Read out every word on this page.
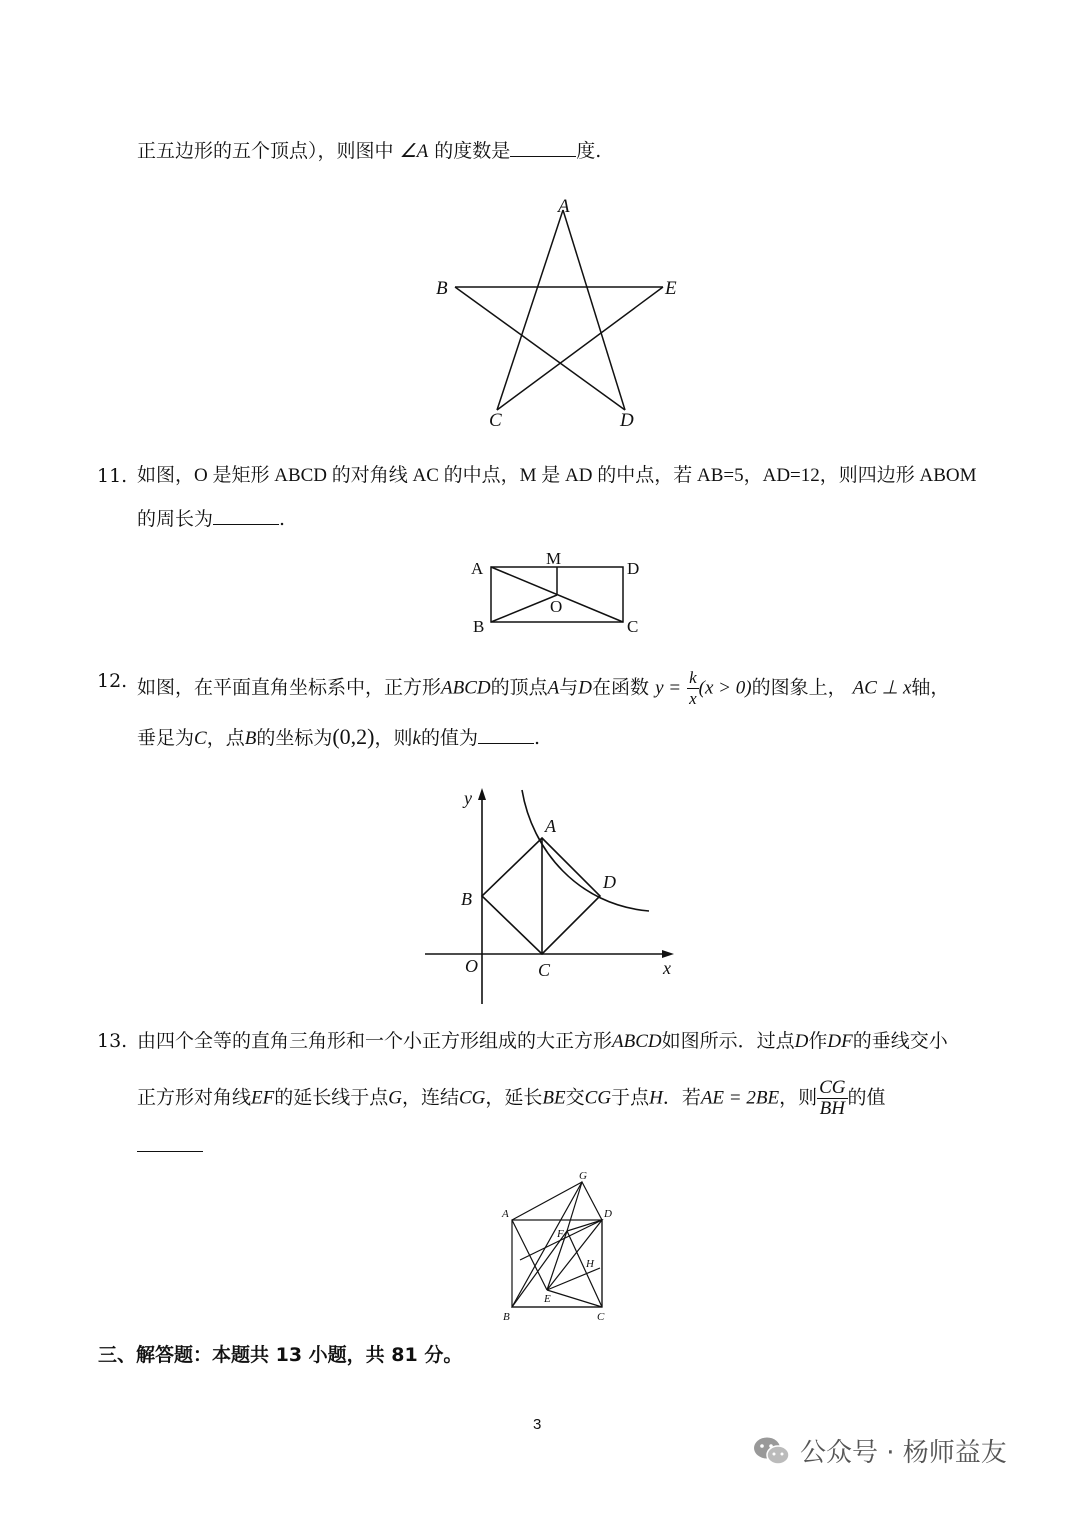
正五边形的五个顶点），则图中 ∠A 的度数是	度.
A
B	E
C	D
11. 如图，O 是矩形 ABCD 的对角线 AC 的中点，M 是 AD 的中点，若 AB=5，AD=12，则四边形 ABOM
的周长为	.
A
M
D
O
B	C
12. 如图，在平面直角坐标系中，正方形ABCD的顶点A与D在函数 $y = \frac{k}{x} (x > 0)$的图象上， AC ⊥ x轴，
垂足为C，点B的坐标为(0,2)，则k的值为	.
y
x
O
A
B
C
D
13. 由四个全等的直角三角形和一个小正方形组成的大正方形ABCD如图所示．过点D作DF的垂线交小
正方形对角线EF的延长线于点G，连结CG，延长BE交CG于点H．若AE = 2BE，则 $\frac{CG}{BH}$ 的值
G
A	D
F
H
E
B	C
三、解答题：本题共 13 小题，共 81 分。
3
公众号 · 杨师益友
